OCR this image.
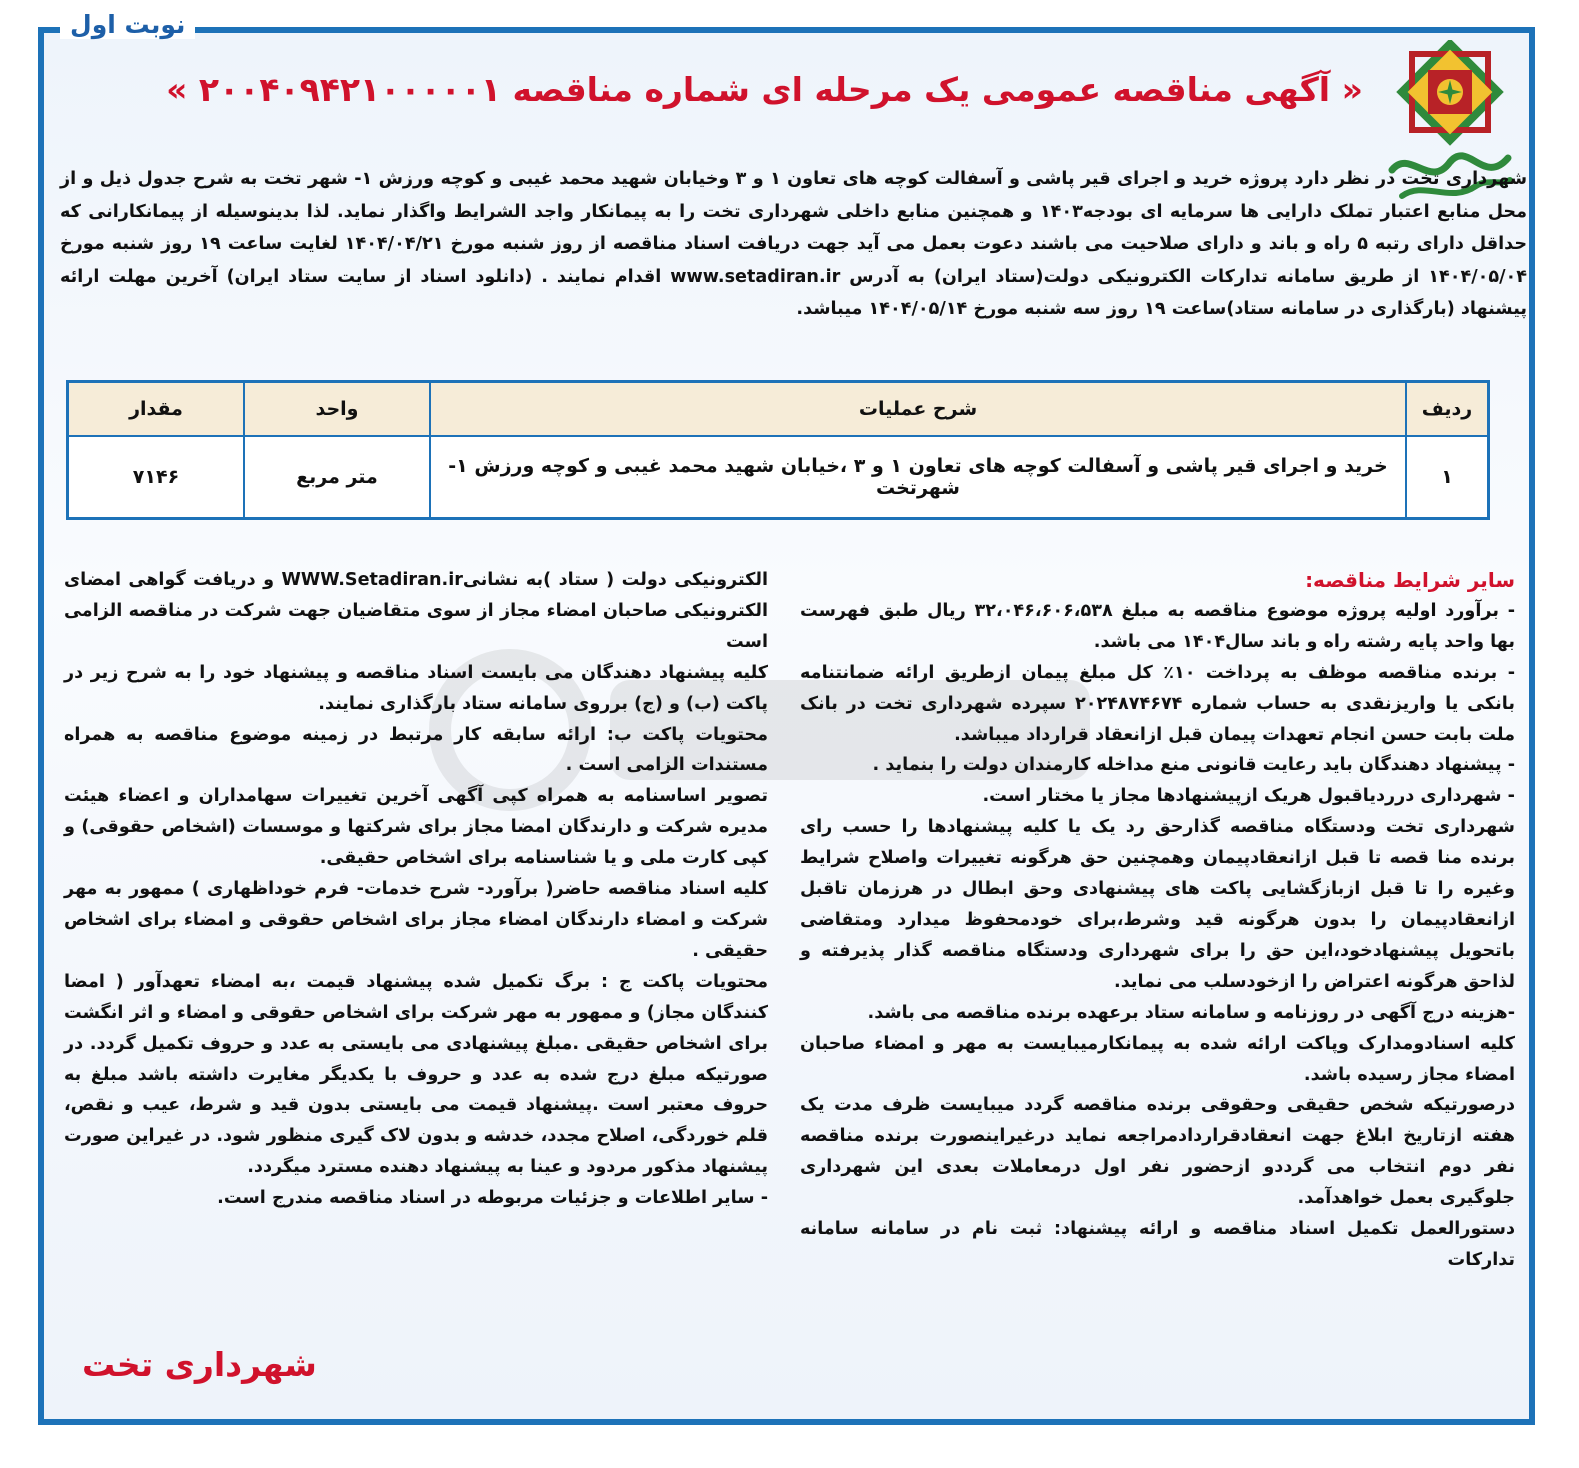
نوبت اول
« آگهی مناقصه عمومی یک مرحله ای شماره مناقصه ۲۰۰۴۰۹۴۲۱۰۰۰۰۰۱ »

شهرداری تخت در نظر دارد پروژه خرید و اجرای قیر پاشی و آسفالت کوچه های تعاون ۱ و ۳ وخیابان شهید محمد غیبی و کوچه ورزش ۱- شهر تخت به شرح جدول ذیل و از محل منابع اعتبار تملک دارایی ها سرمایه ای بودجه۱۴۰۳ و همچنین منابع داخلی شهرداری تخت را به پیمانکار واجد الشرایط واگذار نماید. لذا بدینوسیله از پیمانکارانی که حداقل دارای رتبه ۵ راه و باند و دارای صلاحیت می باشند دعوت بعمل می آید جهت دریافت اسناد مناقصه از روز شنبه مورخ ۱۴۰۴/۰۴/۲۱ لغایت ساعت ۱۹ روز شنبه مورخ ۱۴۰۴/۰۵/۰۴ از طریق سامانه تدارکات الکترونیکی دولت(ستاد ایران) به آدرس www.setadiran.ir اقدام نمایند . (دانلود اسناد از سایت ستاد ایران) آخرین مهلت ارائه پیشنهاد (بارگذاری در سامانه ستاد)ساعت ۱۹ روز سه شنبه مورخ ۱۴۰۴/۰۵/۱۴ میباشد.

ردیف	شرح عملیات	واحد	مقدار
۱	خرید و اجرای قیر پاشی و آسفالت کوچه های تعاون ۱ و ۳ ،خیابان شهید محمد غیبی و کوچه ورزش ۱- شهرتخت	متر مربع	۷۱۴۶

سایر شرایط مناقصه:

- برآورد اولیه پروژه موضوع مناقصه به مبلغ ۳۲،۰۴۶،۶۰۶،۵۳۸ ریال طبق فهرست بها واحد پایه رشته راه و باند سال۱۴۰۴ می باشد.

- برنده مناقصه موظف به پرداخت ۱۰٪ کل مبلغ پیمان ازطریق ارائه ضمانتنامه بانکی یا واریزنقدی به حساب شماره ۲۰۲۴۸۷۴۶۷۴ سپرده شهرداری تخت در بانک ملت بابت حسن انجام تعهدات پیمان قبل ازانعقاد قرارداد میباشد.

- پیشنهاد دهندگان باید رعایت قانونی منع مداخله کارمندان دولت را بنماید .

- شهرداری درردیاقبول هریک ازپیشنهادها مجاز یا مختار است.

شهرداری تخت ودستگاه مناقصه گذارحق رد یک یا کلیه پیشنهادها را حسب رای برنده منا قصه تا قبل ازانعقادپیمان وهمچنین حق هرگونه تغییرات واصلاح شرایط وغیره را تا قبل ازبازگشایی پاکت های پیشنهادی وحق ابطال در هرزمان تاقبل ازانعقادپیمان را بدون هرگونه قید وشرط،برای خودمحفوظ میدارد ومتقاضی باتحویل پیشنهادخود،این حق را برای شهرداری ودستگاه مناقصه گذار پذیرفته و لذاحق هرگونه اعتراض را ازخودسلب می نماید.

-هزینه درج آگهی در روزنامه و سامانه ستاد برعهده برنده مناقصه می باشد.

کلیه اسنادومدارک وپاکت ارائه شده به پیمانکارمیبایست به مهر و امضاء صاحبان امضاء مجاز رسیده باشد.

درصورتیکه شخص حقیقی وحقوقی برنده مناقصه گردد میبایست ظرف مدت یک هفته ازتاریخ ابلاغ جهت انعقادقراردادمراجعه نماید درغیراینصورت برنده مناقصه نفر دوم انتخاب می گرددو ازحضور نفر اول درمعاملات بعدی این شهرداری جلوگیری بعمل خواهدآمد.

دستورالعمل تکمیل اسناد مناقصه و ارائه پیشنهاد: ثبت نام در سامانه سامانه تدارکات

الکترونیکی دولت ( ستاد )به نشانیWWW.Setadiran.ir و دریافت گواهی امضای الکترونیکی صاحبان امضاء مجاز از سوی متقاضیان جهت شرکت در مناقصه الزامی است

کلیه پیشنهاد دهندگان می بایست اسناد مناقصه و پیشنهاد خود را به شرح زیر در پاکت (ب) و (ج) برروی سامانه ستاد بارگذاری نمایند.

محتویات پاکت ب: ارائه سابقه کار مرتبط در زمینه موضوع مناقصه به همراه مستندات الزامی است .

تصویر اساسنامه به همراه کپی آگهی آخرین تغییرات سهامداران و اعضاء هیئت مدیره شرکت و دارندگان امضا مجاز برای شرکتها و موسسات (اشخاص حقوقی) و کپی کارت ملی و یا شناسنامه برای اشخاص حقیقی.

کلیه اسناد مناقصه حاضر( برآورد- شرح خدمات- فرم خوداظهاری ) ممهور به مهر شرکت و امضاء دارندگان امضاء مجاز برای اشخاص حقوقی و امضاء برای اشخاص حقیقی .

محتویات پاکت ج : برگ تکمیل شده پیشنهاد قیمت ،به امضاء تعهدآور ( امضا کنندگان مجاز) و ممهور به مهر شرکت برای اشخاص حقوقی و امضاء و اثر انگشت برای اشخاص حقیقی .مبلغ پیشنهادی می بایستی به عدد و حروف تکمیل گردد. در صورتیکه مبلغ درج شده به عدد و حروف با یکدیگر مغایرت داشته باشد مبلغ به حروف معتبر است .پیشنهاد قیمت می بایستی بدون قید و شرط، عیب و نقص، قلم خوردگی، اصلاح مجدد، خدشه و بدون لاک گیری منظور شود. در غیراین صورت پیشنهاد مذکور مردود و عینا به پیشنهاد دهنده مسترد میگردد.

- سایر اطلاعات و جزئیات مربوطه در اسناد مناقصه مندرج است.

شهرداری تخت
